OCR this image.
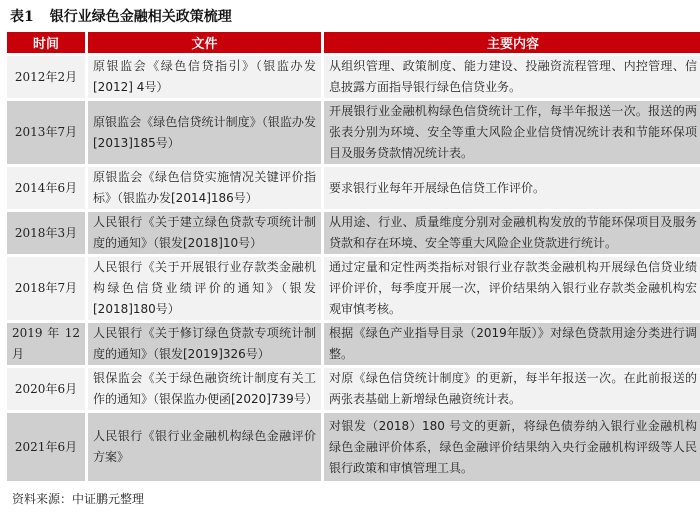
表1 银行业绿色金融相关政策梳理
时间	文件	主要内容
2012年2月	原银监会《绿色信贷指引》（银监办发[2012] 4号）	从组织管理、政策制度、能力建设、投融资流程管理、内控管理、信息披露方面指导银行绿色信贷业务。
2013年7月	原银监会《绿色信贷统计制度》（银监办发[2013]185号）	开展银行业金融机构绿色信贷统计工作，每半年报送一次。报送的两张表分别为环境、安全等重大风险企业信贷情况统计表和节能环保项目及服务贷款情况统计表。
2014年6月	原银监会《绿色信贷实施情况关键评价指标》（银监办发[2014]186号）	要求银行业每年开展绿色信贷工作评价。
2018年3月	人民银行《关于建立绿色贷款专项统计制度的通知》（银发[2018]10号）	从用途、行业、质量维度分别对金融机构发放的节能环保项目及服务贷款和存在环境、安全等重大风险企业贷款进行统计。
2018年7月	人民银行《关于开展银行业存款类金融机构绿色信贷业绩评价的通知》（银发[2018]180号）	通过定量和定性两类指标对银行业存款类金融机构开展绿色信贷业绩评价评价，每季度开展一次，评价结果纳入银行业存款类金融机构宏观审慎考核。
2019 年 12 月	人民银行《关于修订绿色贷款专项统计制度的通知》（银发[2019]326号）	根据《绿色产业指导目录（2019年版）》对绿色贷款用途分类进行调整。
2020年6月	银保监会《关于绿色融资统计制度有关工作的通知》（银保监办便函[2020]739号）	对原《绿色信贷统计制度》的更新，每半年报送一次。在此前报送的两张表基础上新增绿色融资统计表。
2021年6月	人民银行《银行业金融机构绿色金融评价方案》	对银发（2018）180 号文的更新，将绿色债券纳入银行业金融机构绿色金融评价体系，绿色金融评价结果纳入央行金融机构评级等人民银行政策和审慎管理工具。
资料来源：中证鹏元整理
